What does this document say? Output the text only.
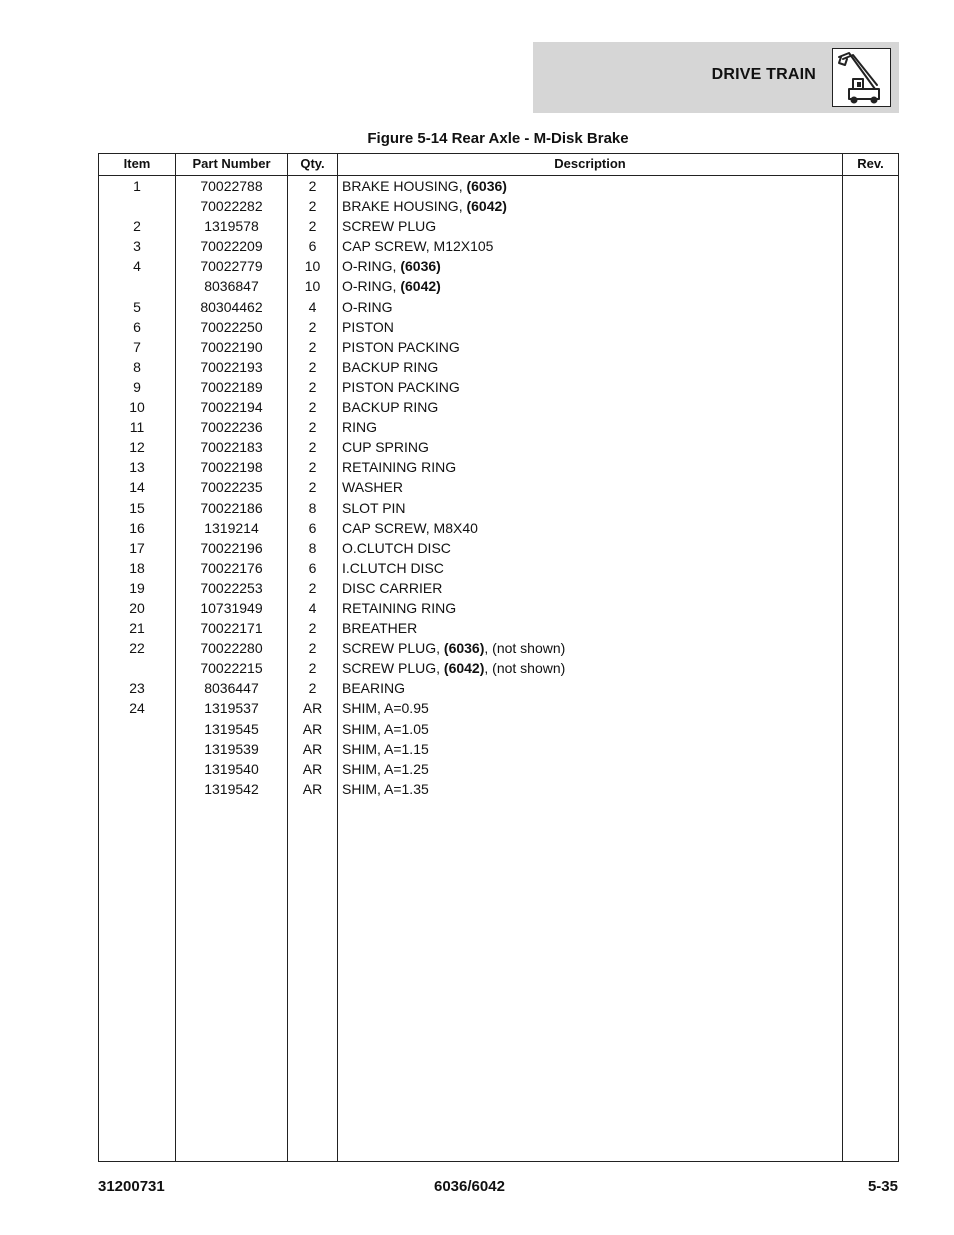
DRIVE TRAIN
Figure 5-14 Rear Axle - M-Disk Brake
Item	Part Number	Qty.	Description	Rev.
1	70022788	2	BRAKE HOUSING, (6036)
70022282	2	BRAKE HOUSING, (6042)
2	1319578	2	SCREW PLUG
3	70022209	6	CAP SCREW, M12X105
4	70022779	10	O-RING, (6036)
8036847	10	O-RING, (6042)
5	80304462	4	O-RING
6	70022250	2	PISTON
7	70022190	2	PISTON PACKING
8	70022193	2	BACKUP RING
9	70022189	2	PISTON PACKING
10	70022194	2	BACKUP RING
11	70022236	2	RING
12	70022183	2	CUP SPRING
13	70022198	2	RETAINING RING
14	70022235	2	WASHER
15	70022186	8	SLOT PIN
16	1319214	6	CAP SCREW, M8X40
17	70022196	8	O.CLUTCH DISC
18	70022176	6	I.CLUTCH DISC
19	70022253	2	DISC CARRIER
20	10731949	4	RETAINING RING
21	70022171	2	BREATHER
22	70022280	2	SCREW PLUG, (6036), (not shown)
70022215	2	SCREW PLUG, (6042), (not shown)
23	8036447	2	BEARING
24	1319537	AR	SHIM, A=0.95
1319545	AR	SHIM, A=1.05
1319539	AR	SHIM, A=1.15
1319540	AR	SHIM, A=1.25
1319542	AR	SHIM, A=1.35
31200731	6036/6042	5-35
